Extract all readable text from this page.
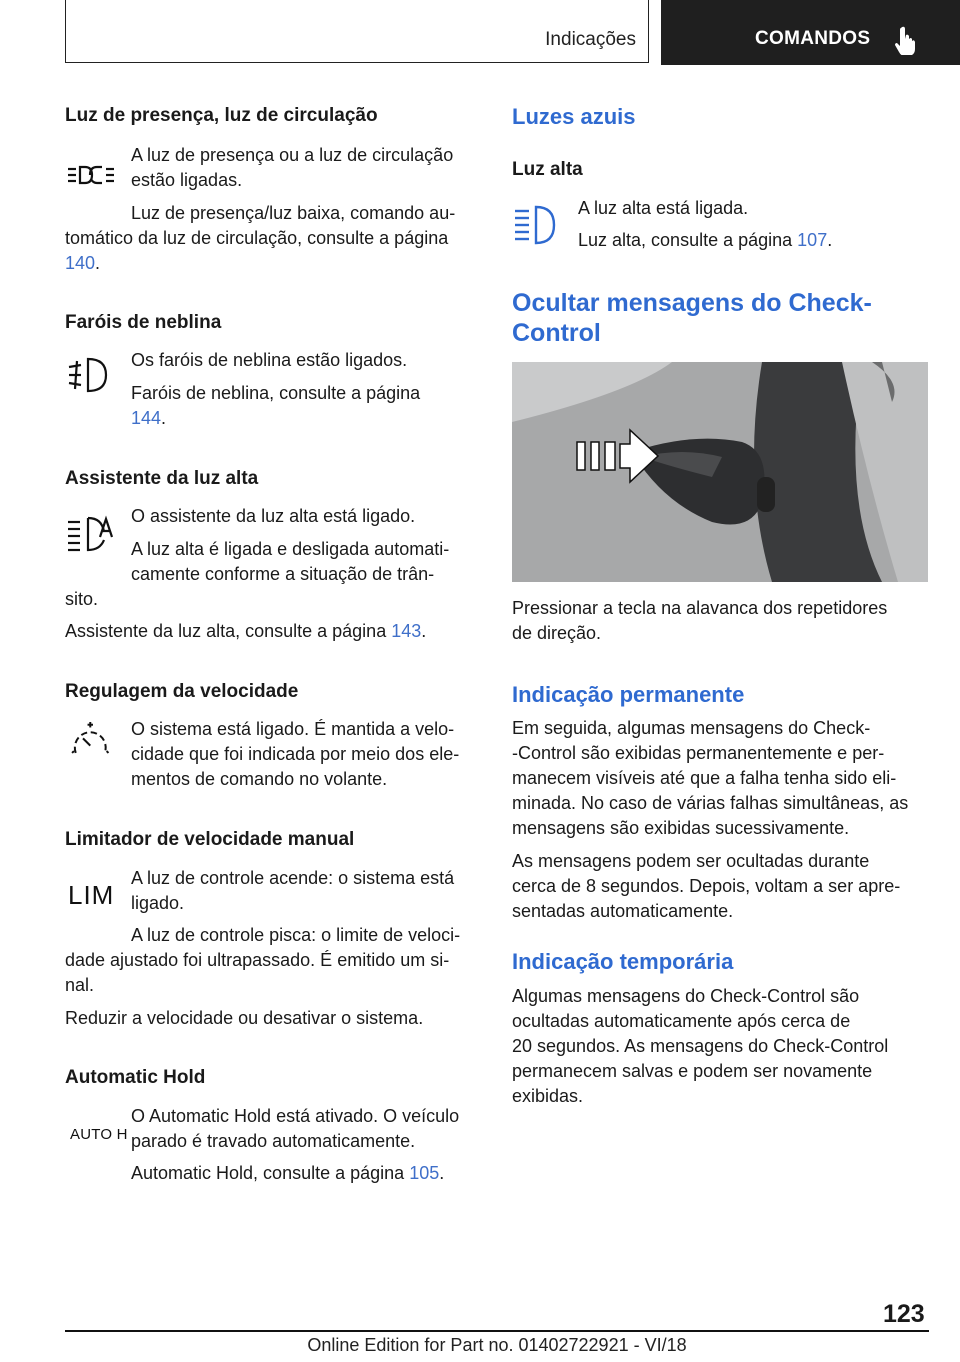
Indicações	COMANDOS
Luz de presença, luz de circulação
A luz de presença ou a luz de circulação
estão ligadas.
Luz de presença/luz baixa, comando au-
tomático da luz de circulação, consulte a página
140.
Faróis de neblina
Os faróis de neblina estão ligados.
Faróis de neblina, consulte a página
144.
Assistente da luz alta
O assistente da luz alta está ligado.
A luz alta é ligada e desligada automati-
camente conforme a situação de trân-
sito.
Assistente da luz alta, consulte a página 143.
Regulagem da velocidade
O sistema está ligado. É mantida a velo-
cidade que foi indicada por meio dos ele-
mentos de comando no volante.
Limitador de velocidade manual
LIM
A luz de controle acende: o sistema está
ligado.
A luz de controle pisca: o limite de veloci-
dade ajustado foi ultrapassado. É emitido um si-
nal.
Reduzir a velocidade ou desativar o sistema.
Automatic Hold
AUTO H
O Automatic Hold está ativado. O veículo
parado é travado automaticamente.
Automatic Hold, consulte a página 105.
Luzes azuis
Luz alta
A luz alta está ligada.
Luz alta, consulte a página 107.
Ocultar mensagens do Check-
Control
Pressionar a tecla na alavanca dos repetidores
de direção.
Indicação permanente
Em seguida, algumas mensagens do Check-
-Control são exibidas permanentemente e per-
manecem visíveis até que a falha tenha sido eli-
minada. No caso de várias falhas simultâneas, as
mensagens são exibidas sucessivamente.
As mensagens podem ser ocultadas durante
cerca de 8 segundos. Depois, voltam a ser apre-
sentadas automaticamente.
Indicação temporária
Algumas mensagens do Check-Control são
ocultadas automaticamente após cerca de
20 segundos. As mensagens do Check-Control
permanecem salvas e podem ser novamente
exibidas.
123
Online Edition for Part no. 01402722921 - VI/18
